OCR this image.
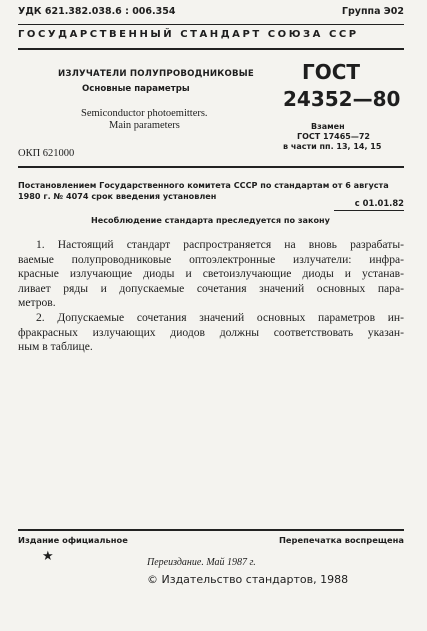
УДК 621.382.038.6 : 006.354	Группа Э02
ГОСУДАРСТВЕННЫЙ СТАНДАРТ СОЮЗА ССР
ИЗЛУЧАТЕЛИ ПОЛУПРОВОДНИКОВЫЕ
Основные параметры
Semiconductor photoemitters.
Main parameters
ГОСТ
24352—80
Взамен
ГОСТ 17465—72
в части пп. 13, 14, 15
ОКП 621000
Постановлением Государственного комитета СССР по стандартам от 6 августа
1980 г. № 4074 срок введения установлен
с 01.01.82
Несоблюдение стандарта преследуется по закону
1. Настоящий стандарт распространяется на вновь разрабаты-
ваемые полупроводниковые оптоэлектронные излучатели: инфра-
красные излучающие диоды и светоизлучающие диоды и устанав-
ливает ряды и допускаемые сочетания значений основных пара-
метров.
2. Допускаемые сочетания значений основных параметров ин-
фракрасных излучающих диодов должны соответствовать указан-
ным в таблице.
Издание официальное	Перепечатка воспрещена
★	Переиздание. Май 1987 г.
© Издательство стандартов, 1988
